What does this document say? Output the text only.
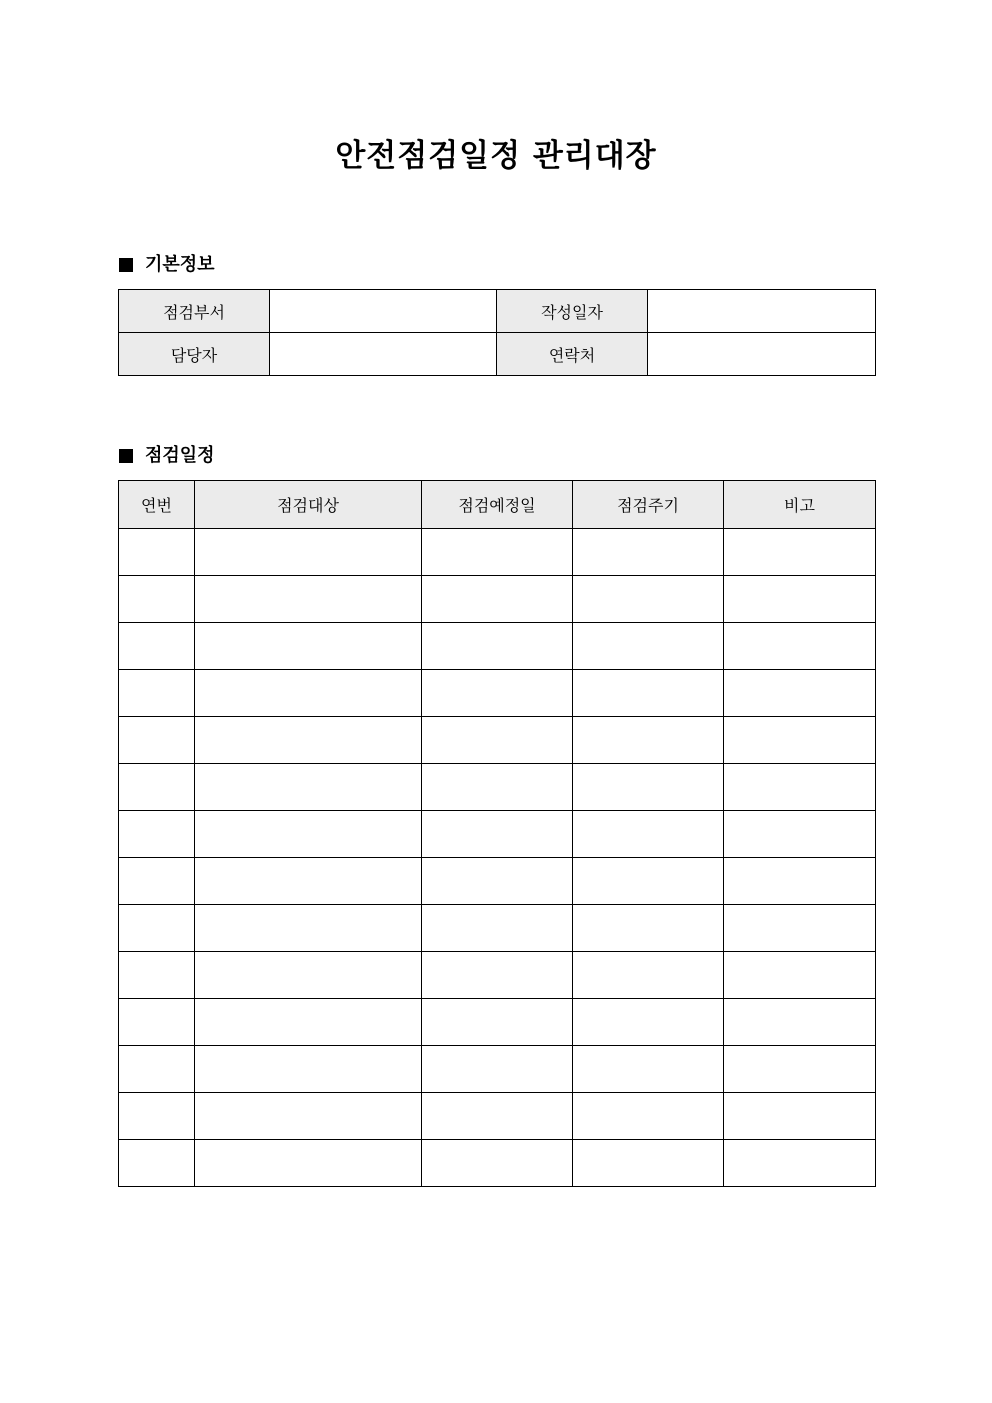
안전점검일정 관리대장
기본정보
점검부서		작성일자	
담당자		연락처	
점검일정
연번	점검대상	점검예정일	점검주기	비고
